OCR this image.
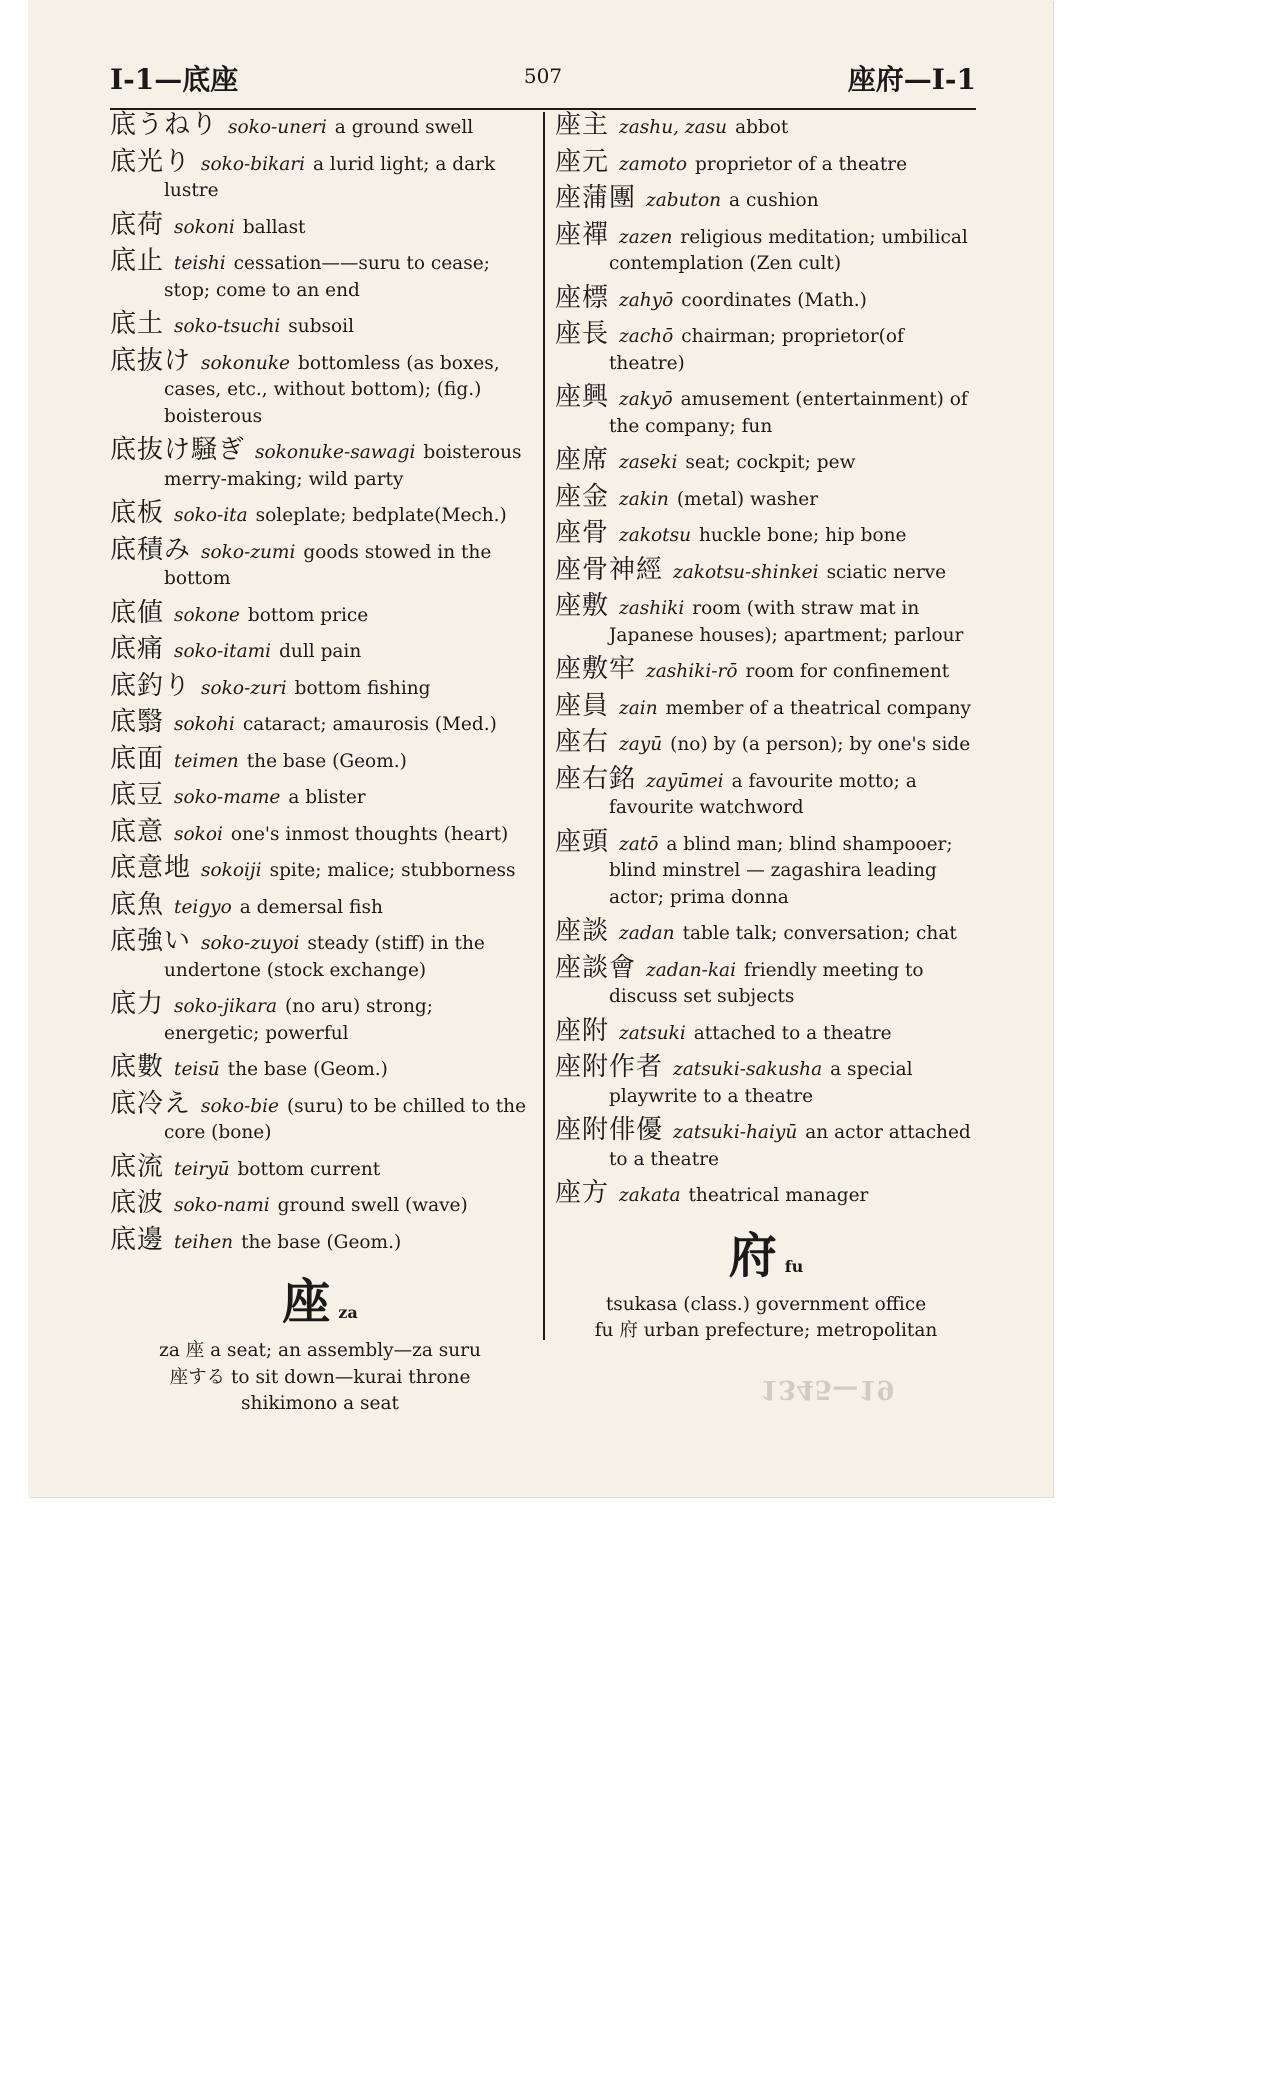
I-1—底座	507	座府—I-1
底うねり soko-uneri a ground swell
底光り soko-bikari a lurid light; a dark lustre
底荷 sokoni ballast
底止 teishi cessation——suru to cease; stop; come to an end
底土 soko-tsuchi subsoil
底抜け sokonuke bottomless (as boxes, cases, etc., without bottom); (fig.) boisterous
底抜け騒ぎ sokonuke-sawagi boisterous merry-making; wild party
底板 soko-ita soleplate; bedplate(Mech.)
底積み soko-zumi goods stowed in the bottom
底値 sokone bottom price
底痛 soko-itami dull pain
底釣り soko-zuri bottom fishing
底翳 sokohi cataract; amaurosis (Med.)
底面 teimen the base (Geom.)
底豆 soko-mame a blister
底意 sokoi one's inmost thoughts (heart)
底意地 sokoiji spite; malice; stubborness
底魚 teigyo a demersal fish
底強い soko-zuyoi steady (stiff) in the undertone (stock exchange)
底力 soko-jikara (no aru) strong; energetic; powerful
底數 teisū the base (Geom.)
底冷え soko-bie (suru) to be chilled to the core (bone)
底流 teiryū bottom current
底波 soko-nami ground swell (wave)
底邊 teihen the base (Geom.)
座za
za 座 a seat; an assembly—za suru
座する to sit down—kurai throne
shikimono a seat
座主 zashu, zasu abbot
座元 zamoto proprietor of a theatre
座蒲團 zabuton a cushion
座禪 zazen religious meditation; umbilical contemplation (Zen cult)
座標 zahyō coordinates (Math.)
座長 zachō chairman; proprietor(of theatre)
座興 zakyō amusement (entertainment) of the company; fun
座席 zaseki seat; cockpit; pew
座金 zakin (metal) washer
座骨 zakotsu huckle bone; hip bone
座骨神經 zakotsu-shinkei sciatic nerve
座敷 zashiki room (with straw mat in Japanese houses); apartment; parlour
座敷牢 zashiki-rō room for confinement
座員 zain member of a theatrical company
座右 zayū (no) by (a person); by one's side
座右銘 zayūmei a favourite motto; a favourite watchword
座頭 zatō a blind man; blind shampooer; blind minstrel — zagashira leading actor; prima donna
座談 zadan table talk; conversation; chat
座談會 zadan-kai friendly meeting to discuss set subjects
座附 zatsuki attached to a theatre
座附作者 zatsuki-sakusha a special playwrite to a theatre
座附俳優 zatsuki-haiyū an actor attached to a theatre
座方 zakata theatrical manager
府fu
tsukasa (class.) government office
fu 府 urban prefecture; metropolitan
1345—19
